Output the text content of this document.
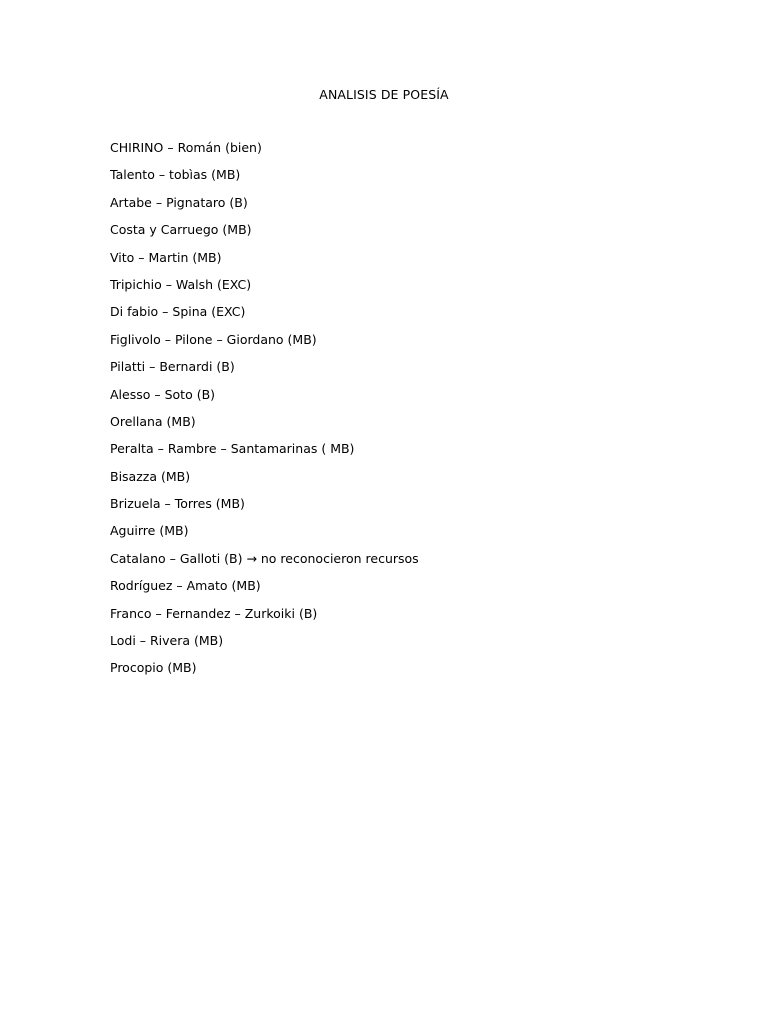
ANALISIS DE POESÍA
CHIRINO – Román (bien)
Talento – tobìas (MB)
Artabe – Pignataro (B)
Costa y Carruego (MB)
Vito – Martin (MB)
Tripichio – Walsh (EXC)
Di fabio – Spina (EXC)
Figlivolo – Pilone – Giordano (MB)
Pilatti – Bernardi (B)
Alesso – Soto (B)
Orellana (MB)
Peralta – Rambre – Santamarinas ( MB)
Bisazza (MB)
Brizuela – Torres (MB)
Aguirre (MB)
Catalano – Galloti (B) → no reconocieron recursos
Rodríguez – Amato (MB)
Franco – Fernandez – Zurkoiki (B)
Lodi – Rivera (MB)
Procopio (MB)
